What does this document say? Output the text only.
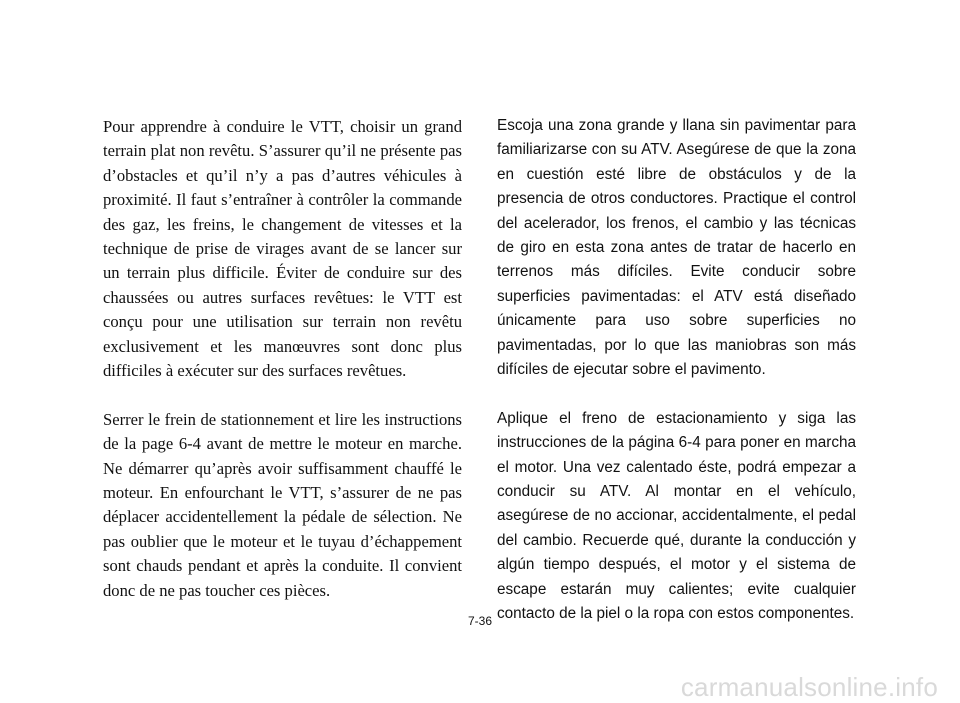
Pour apprendre à conduire le VTT, choisir un grand terrain plat non revêtu. S’assurer qu’il ne présente pas d’obstacles et qu’il n’y a pas d’autres véhicules à proximité. Il faut s’entraîner à contrôler la commande des gaz, les freins, le changement de vitesses et la technique de prise de virages avant de se lancer sur un terrain plus difficile. Éviter de conduire sur des chaussées ou autres surfaces revêtues: le VTT est conçu pour une utilisation sur terrain non revêtu exclusivement et les manœuvres sont donc plus difficiles à exécuter sur des surfaces revêtues.

Serrer le frein de stationnement et lire les instructions de la page 6-4 avant de mettre le moteur en marche. Ne démarrer qu’après avoir suffisamment chauffé le moteur. En enfourchant le VTT, s’assurer de ne pas déplacer accidentellement la pédale de sélection. Ne pas oublier que le moteur et le tuyau d’échappement sont chauds pendant et après la conduite. Il convient donc de ne pas toucher ces pièces.

Escoja una zona grande y llana sin pavimentar para familiarizarse con su ATV. Asegúrese de que la zona en cuestión esté libre de obstáculos y de la presencia de otros conductores. Practique el control del acelerador, los frenos, el cambio y las técnicas de giro en esta zona antes de tratar de hacerlo en terrenos más difíciles. Evite conducir sobre superficies pavimentadas: el ATV está diseñado únicamente para uso sobre superficies no pavimentadas, por lo que las maniobras son más difíciles de ejecutar sobre el pavimento.

Aplique el freno de estacionamiento y siga las instrucciones de la página 6-4 para poner en marcha el motor. Una vez calentado éste, podrá empezar a conducir su ATV. Al montar en el vehículo, asegúrese de no accionar, accidentalmente, el pedal del cambio. Recuerde qué, durante la conducción y algún tiempo después, el motor y el sistema de escape estarán muy calientes; evite cualquier contacto de la piel o la ropa con estos componentes.

7-36
carmanualsonline.info
